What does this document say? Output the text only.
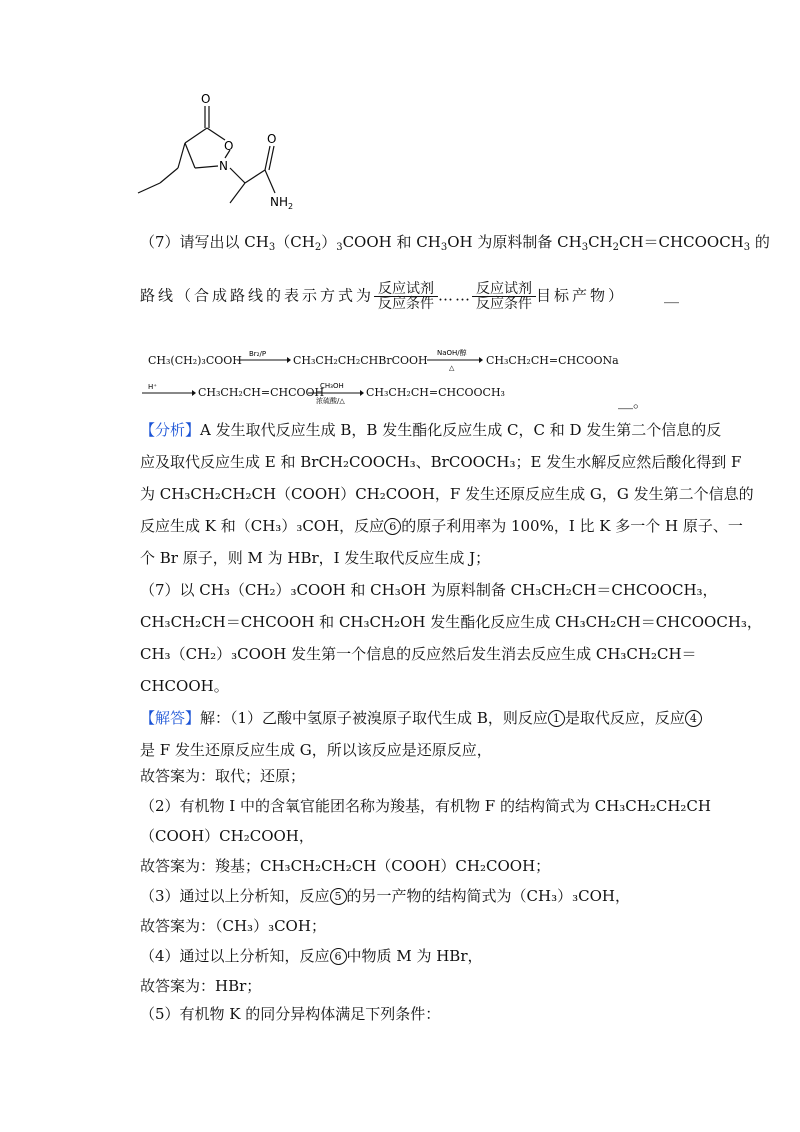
O
O
N
O
$NH_2$
（7）请写出以 $CH_3(CH_2)_3COOH$ 和 $CH_3OH$ 为原料制备 $CH_3CH_2CH=CHCOOCH_3$ 的
路线（合成路线的表示方式为 $\frac{\text{反应试剂}}{\text{反应条件}}$ …… $\frac{\text{反应试剂}}{\text{反应条件}}$ 目标产物）	＿
CH₃(CH₂)₃COOH Br₂/P CH₃CH₂CH₂CHBrCOOH
NaOH/醇
△
CH₃CH₂CH=CHCOONa
H⁺	CH₃CH₂CH=CHCOOH
CH₃OH
浓硫酸/△
CH₃CH₂CH=CHCOOCH₃
＿。
【分析】A 发生取代反应生成 B，B 发生酯化反应生成 C，C 和 D 发生第二个信息的反
应及取代反应生成 E 和 BrCH₂COOCH₃、BrCOOCH₃；E 发生水解反应然后酸化得到 F
为 CH₃CH₂CH₂CH（COOH）CH₂COOH，F 发生还原反应生成 G，G 发生第二个信息的
反应生成 K 和（CH₃）₃COH，反应 6 的原子利用率为 100%，I 比 K 多一个 H 原子、一
个 Br 原子，则 M 为 HBr，I 发生取代反应生成 J；
（7）以 CH₃（CH₂）₃COOH 和 CH₃OH 为原料制备 CH₃CH₂CH＝CHCOOCH₃，
CH₃CH₂CH＝CHCOOH 和 CH₃CH₂OH 发生酯化反应生成 CH₃CH₂CH＝CHCOOCH₃，
CH₃（CH₂）₃COOH 发生第一个信息的反应然后发生消去反应生成 CH₃CH₂CH＝
CHCOOH。
【解答】解：（1）乙酸中氢原子被溴原子取代生成 B，则反应 1 是取代反应，反应 4
是 F 发生还原反应生成 G，所以该反应是还原反应，
故答案为：取代；还原；
（2）有机物 I 中的含氧官能团名称为羧基，有机物 F 的结构简式为 CH₃CH₂CH₂CH
（COOH）CH₂COOH，
故答案为：羧基；CH₃CH₂CH₂CH（COOH）CH₂COOH；
（3）通过以上分析知，反应 5 的另一产物的结构简式为（CH₃）₃COH，
故答案为：（CH₃）₃COH；
（4）通过以上分析知，反应 6 中物质 M 为 HBr，
故答案为：HBr；
（5）有机物 K 的同分异构体满足下列条件：
